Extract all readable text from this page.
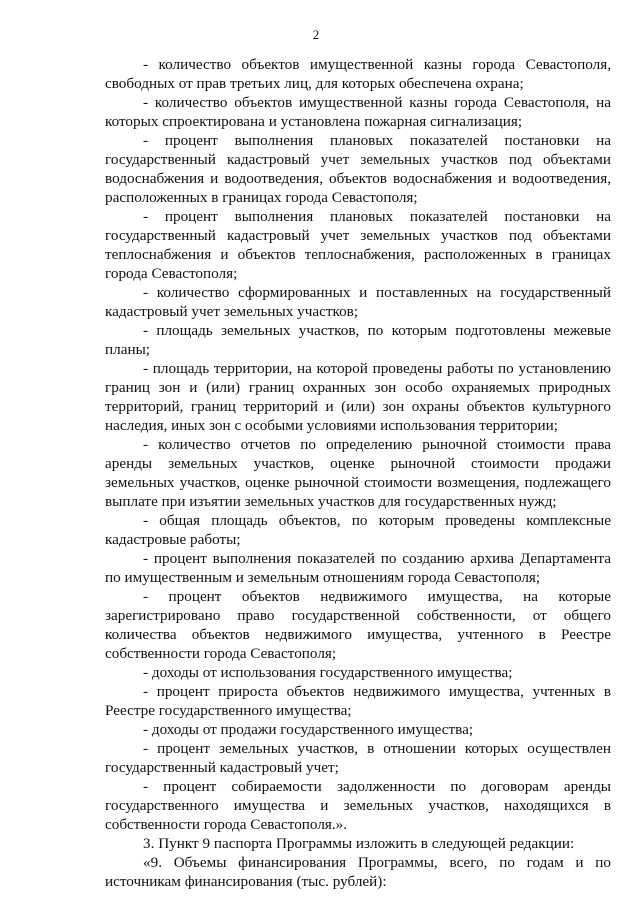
2

- количество объектов имущественной казны города Севастополя, свободных от прав третьих лиц, для которых обеспечена охрана;

- количество объектов имущественной казны города Севастополя, на которых спроектирована и установлена пожарная сигнализация;

- процент выполнения плановых показателей постановки на государственный кадастровый учет земельных участков под объектами водоснабжения и водоотведения, объектов водоснабжения и водоотведения, расположенных в границах города Севастополя;

- процент выполнения плановых показателей постановки на государственный кадастровый учет земельных участков под объектами теплоснабжения и объектов теплоснабжения, расположенных в границах города Севастополя;

- количество сформированных и поставленных на государственный кадастровый учет земельных участков;

- площадь земельных участков, по которым подготовлены межевые планы;

- площадь территории, на которой проведены работы по установлению границ зон и (или) границ охранных зон особо охраняемых природных территорий, границ территорий и (или) зон охраны объектов культурного наследия, иных зон с особыми условиями использования территории;

- количество отчетов по определению рыночной стоимости права аренды земельных участков, оценке рыночной стоимости продажи земельных участков, оценке рыночной стоимости возмещения, подлежащего выплате при изъятии земельных участков для государственных нужд;

- общая площадь объектов, по которым проведены комплексные кадастровые работы;

- процент выполнения показателей по созданию архива Департамента по имущественным и земельным отношениям города Севастополя;

- процент объектов недвижимого имущества, на которые зарегистрировано право государственной собственности, от общего количества объектов недвижимого имущества, учтенного в Реестре собственности города Севастополя;

- доходы от использования государственного имущества;

- процент прироста объектов недвижимого имущества, учтенных в Реестре государственного имущества;

- доходы от продажи государственного имущества;

- процент земельных участков, в отношении которых осуществлен государственный кадастровый учет;

- процент собираемости задолженности по договорам аренды государственного имущества и земельных участков, находящихся в собственности города Севастополя.».

3. Пункт 9 паспорта Программы изложить в следующей редакции:

«9. Объемы финансирования Программы, всего, по годам и по источникам финансирования (тыс. рублей):
